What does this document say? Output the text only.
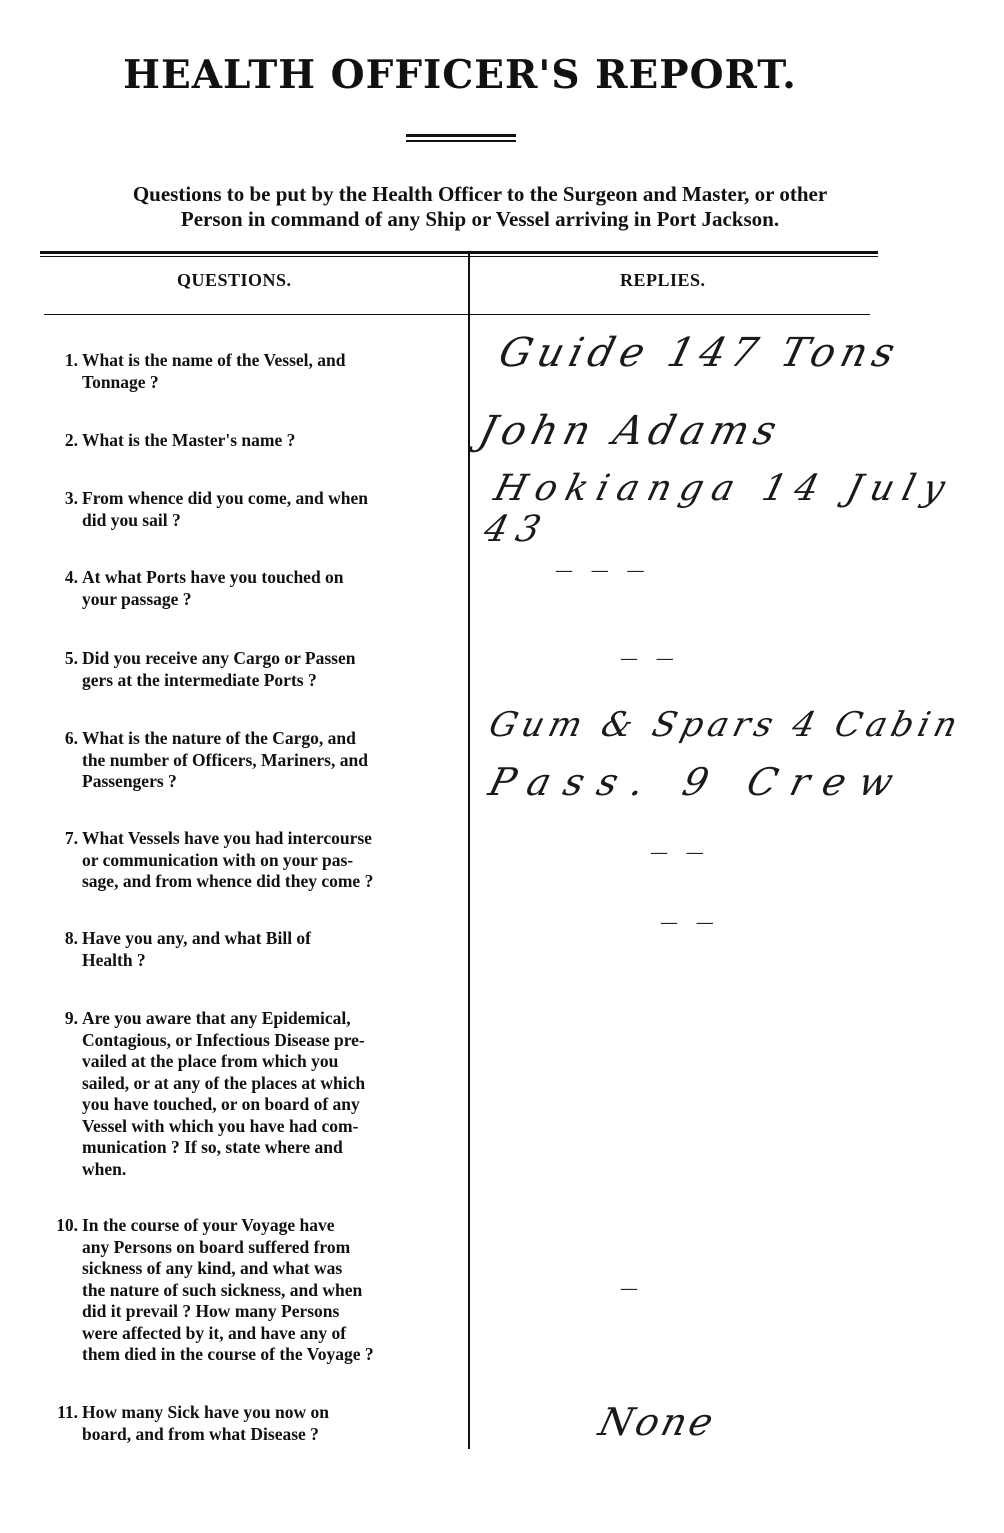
HEALTH OFFICER'S REPORT.
Questions to be put by the Health Officer to the Surgeon and Master, or other
Person in command of any Ship or Vessel arriving in Port Jackson.
QUESTIONS.	REPLIES.
1. What is the name of the Vessel, and
Tonnage ?
2. What is the Master's name ?
3. From whence did you come, and when
did you sail ?
4. At what Ports have you touched on
your passage ?
5. Did you receive any Cargo or Passen
gers at the intermediate Ports ?
6. What is the nature of the Cargo, and
the number of Officers, Mariners, and
Passengers ?
7. What Vessels have you had intercourse
or communication with on your pas-
sage, and from whence did they come ?
8. Have you any, and what Bill of
Health ?
9. Are you aware that any Epidemical,
Contagious, or Infectious Disease pre-
vailed at the place from which you
sailed, or at any of the places at which
you have touched, or on board of any
Vessel with which you have had com-
munication ? If so, state where and
when.
10. In the course of your Voyage have
any Persons on board suffered from
sickness of any kind, and what was
the nature of such sickness, and when
did it prevail ? How many Persons
were affected by it, and have any of
them died in the course of the Voyage ?
11. How many Sick have you now on
board, and from what Disease ?
Guide 147 Tons
John Adams
Hokianga 14 July 43
— — —
— —
Gum & Spars 4 Cabin
Pass. 9 Crew
— —
— —
—
None
